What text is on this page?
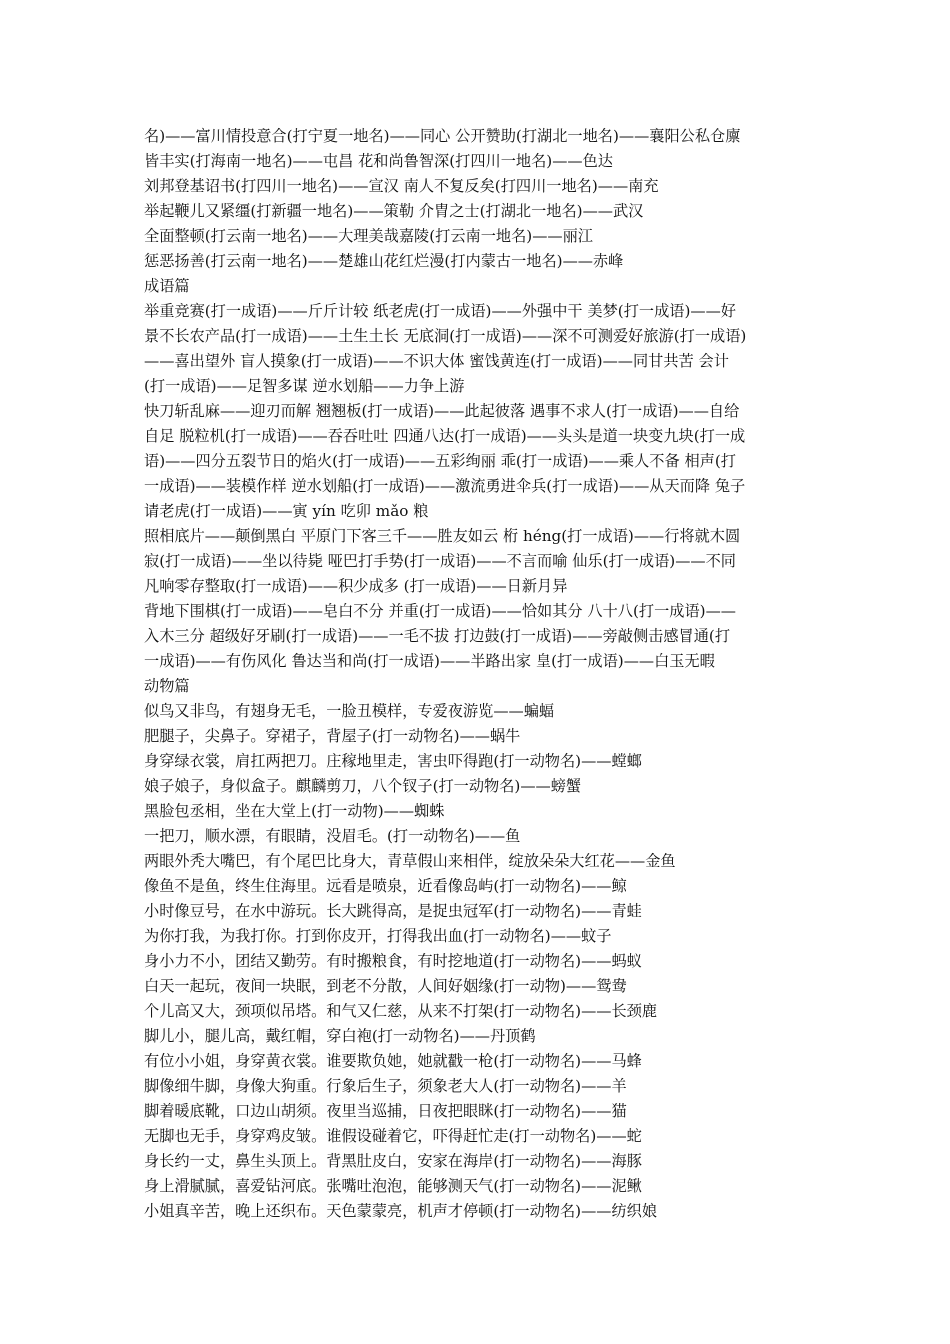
名)——富川情投意合(打宁夏一地名)——同心 公开赞助(打湖北一地名)——襄阳公私仓廪
皆丰实(打海南一地名)——屯昌 花和尚鲁智深(打四川一地名)——色达
刘邦登基诏书(打四川一地名)——宣汉 南人不复反矣(打四川一地名)——南充
举起鞭儿又紧缰(打新疆一地名)——策勒 介胄之士(打湖北一地名)——武汉
全面整顿(打云南一地名)——大理美哉嘉陵(打云南一地名)——丽江
惩恶扬善(打云南一地名)——楚雄山花红烂漫(打内蒙古一地名)——赤峰
成语篇
举重竞赛(打一成语)——斤斤计较 纸老虎(打一成语)——外强中干 美梦(打一成语)——好
景不长农产品(打一成语)——土生土长 无底洞(打一成语)——深不可测爱好旅游(打一成语)
——喜出望外 盲人摸象(打一成语)——不识大体 蜜饯黄连(打一成语)——同甘共苦 会计
(打一成语)——足智多谋 逆水划船——力争上游
快刀斩乱麻——迎刃而解 翘翘板(打一成语)——此起彼落 遇事不求人(打一成语)——自给
自足 脱粒机(打一成语)——吞吞吐吐 四通八达(打一成语)——头头是道一块变九块(打一成
语)——四分五裂节日的焰火(打一成语)——五彩绚丽 乖(打一成语)——乘人不备 相声(打
一成语)——装模作样 逆水划船(打一成语)——激流勇进伞兵(打一成语)——从天而降 兔子
请老虎(打一成语)——寅 yín 吃卯 mǎo 粮
照相底片——颠倒黑白 平原门下客三千——胜友如云 桁 héng(打一成语)——行将就木圆
寂(打一成语)——坐以待毙 哑巴打手势(打一成语)——不言而喻 仙乐(打一成语)——不同
凡响零存整取(打一成语)——积少成多 (打一成语)——日新月异
背地下围棋(打一成语)——皂白不分 并重(打一成语)——恰如其分 八十八(打一成语)——
入木三分 超级好牙刷(打一成语)——一毛不拔 打边鼓(打一成语)——旁敲侧击感冒通(打
一成语)——有伤风化 鲁达当和尚(打一成语)——半路出家 皇(打一成语)——白玉无暇
动物篇
似鸟又非鸟，有翅身无毛，一脸丑模样，专爱夜游览——蝙蝠
肥腿子，尖鼻子。穿裙子，背屋子(打一动物名)——蜗牛
身穿绿衣裳，肩扛两把刀。庄稼地里走，害虫吓得跑(打一动物名)——螳螂
娘子娘子，身似盒子。麒麟剪刀，八个钗子(打一动物名)——螃蟹
黑脸包丞相，坐在大堂上(打一动物)——蜘蛛
一把刀，顺水漂，有眼睛，没眉毛。(打一动物名)——鱼
两眼外秃大嘴巴，有个尾巴比身大，青草假山来相伴，绽放朵朵大红花——金鱼
像鱼不是鱼，终生住海里。远看是喷泉，近看像岛屿(打一动物名)——鲸
小时像豆号，在水中游玩。长大跳得高，是捉虫冠军(打一动物名)——青蛙
为你打我，为我打你。打到你皮开，打得我出血(打一动物名)——蚊子
身小力不小，团结又勤劳。有时搬粮食，有时挖地道(打一动物名)——蚂蚁
白天一起玩，夜间一块眠，到老不分散，人间好姻缘(打一动物)——鸳鸯
个儿高又大，颈项似吊塔。和气又仁慈，从来不打架(打一动物名)——长颈鹿
脚儿小，腿儿高，戴红帽，穿白袍(打一动物名)——丹顶鹤
有位小小姐，身穿黄衣裳。谁要欺负她，她就戳一枪(打一动物名)——马蜂
脚像细牛脚，身像大狗重。行象后生子，须象老大人(打一动物名)——羊
脚着暖底靴，口边山胡须。夜里当巡捕，日夜把眼眯(打一动物名)——猫
无脚也无手，身穿鸡皮皱。谁假设碰着它，吓得赶忙走(打一动物名)——蛇
身长约一丈，鼻生头顶上。背黑肚皮白，安家在海岸(打一动物名)——海豚
身上滑腻腻，喜爱钻河底。张嘴吐泡泡，能够测天气(打一动物名)——泥鳅
小姐真辛苦，晚上还织布。天色蒙蒙亮，机声才停顿(打一动物名)——纺织娘
